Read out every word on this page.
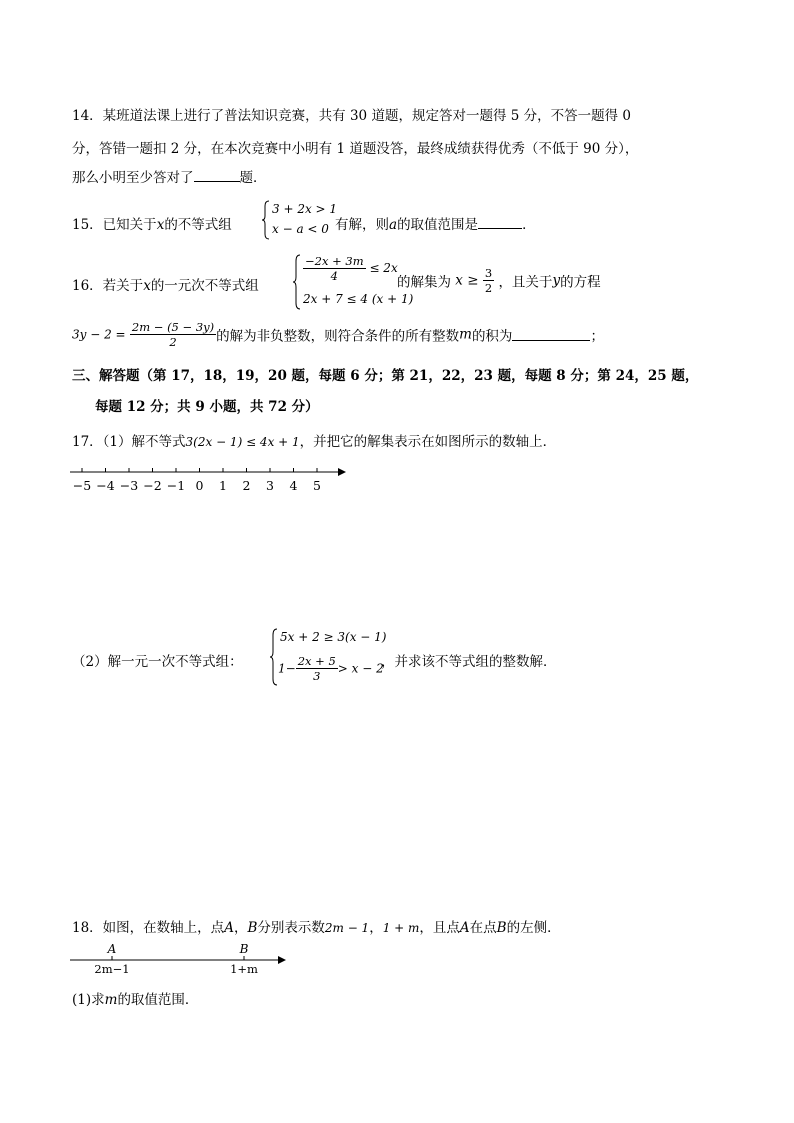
14．某班道法课上进行了普法知识竞赛，共有 30 道题，规定答对一题得 5 分，不答一题得 0
分，答错一题扣 2 分，在本次竞赛中小明有 1 道题没答，最终成绩获得优秀（不低于 90 分），
那么小明至少答对了	题．
15．已知关于x的不等式组
3 + 2x > 1
x − a < 0 有解，则a的取值范围是	．
16．若关于x的一元次不等式组
$\frac{-2x + 3m}{4} \le 2x$
2x + 7 ≤ 4 (x + 1)
的解集为 $x \ge \frac{3}{2}$ ，且关于y的方程
$3y - 2 = \frac{2m - (5 - 3y)}{2}$ 的解为非负整数，则符合条件的所有整数m的积为	；
三、解答题（第 17，18，19，20 题，每题 6 分；第 21，22，23 题，每题 8 分；第 24，25 题，
每题 12 分；共 9 小题，共 72 分）
17．（1）解不等式3(2x − 1) ≤ 4x + 1，并把它的解集表示在如图所示的数轴上．
−5 −4 −3 −2 −1 0 1 2 3 4 5
（2）解一元一次不等式组：
5x + 2 ≥ 3(x − 1)
$1- \frac{2x + 5}{3} > x - 2$
，并求该不等式组的整数解．
18．如图，在数轴上，点A，B分别表示数2m − 1，1 + m，且点A在点B的左侧．
A	B
2m−1	1+m
(1)求m的取值范围．
